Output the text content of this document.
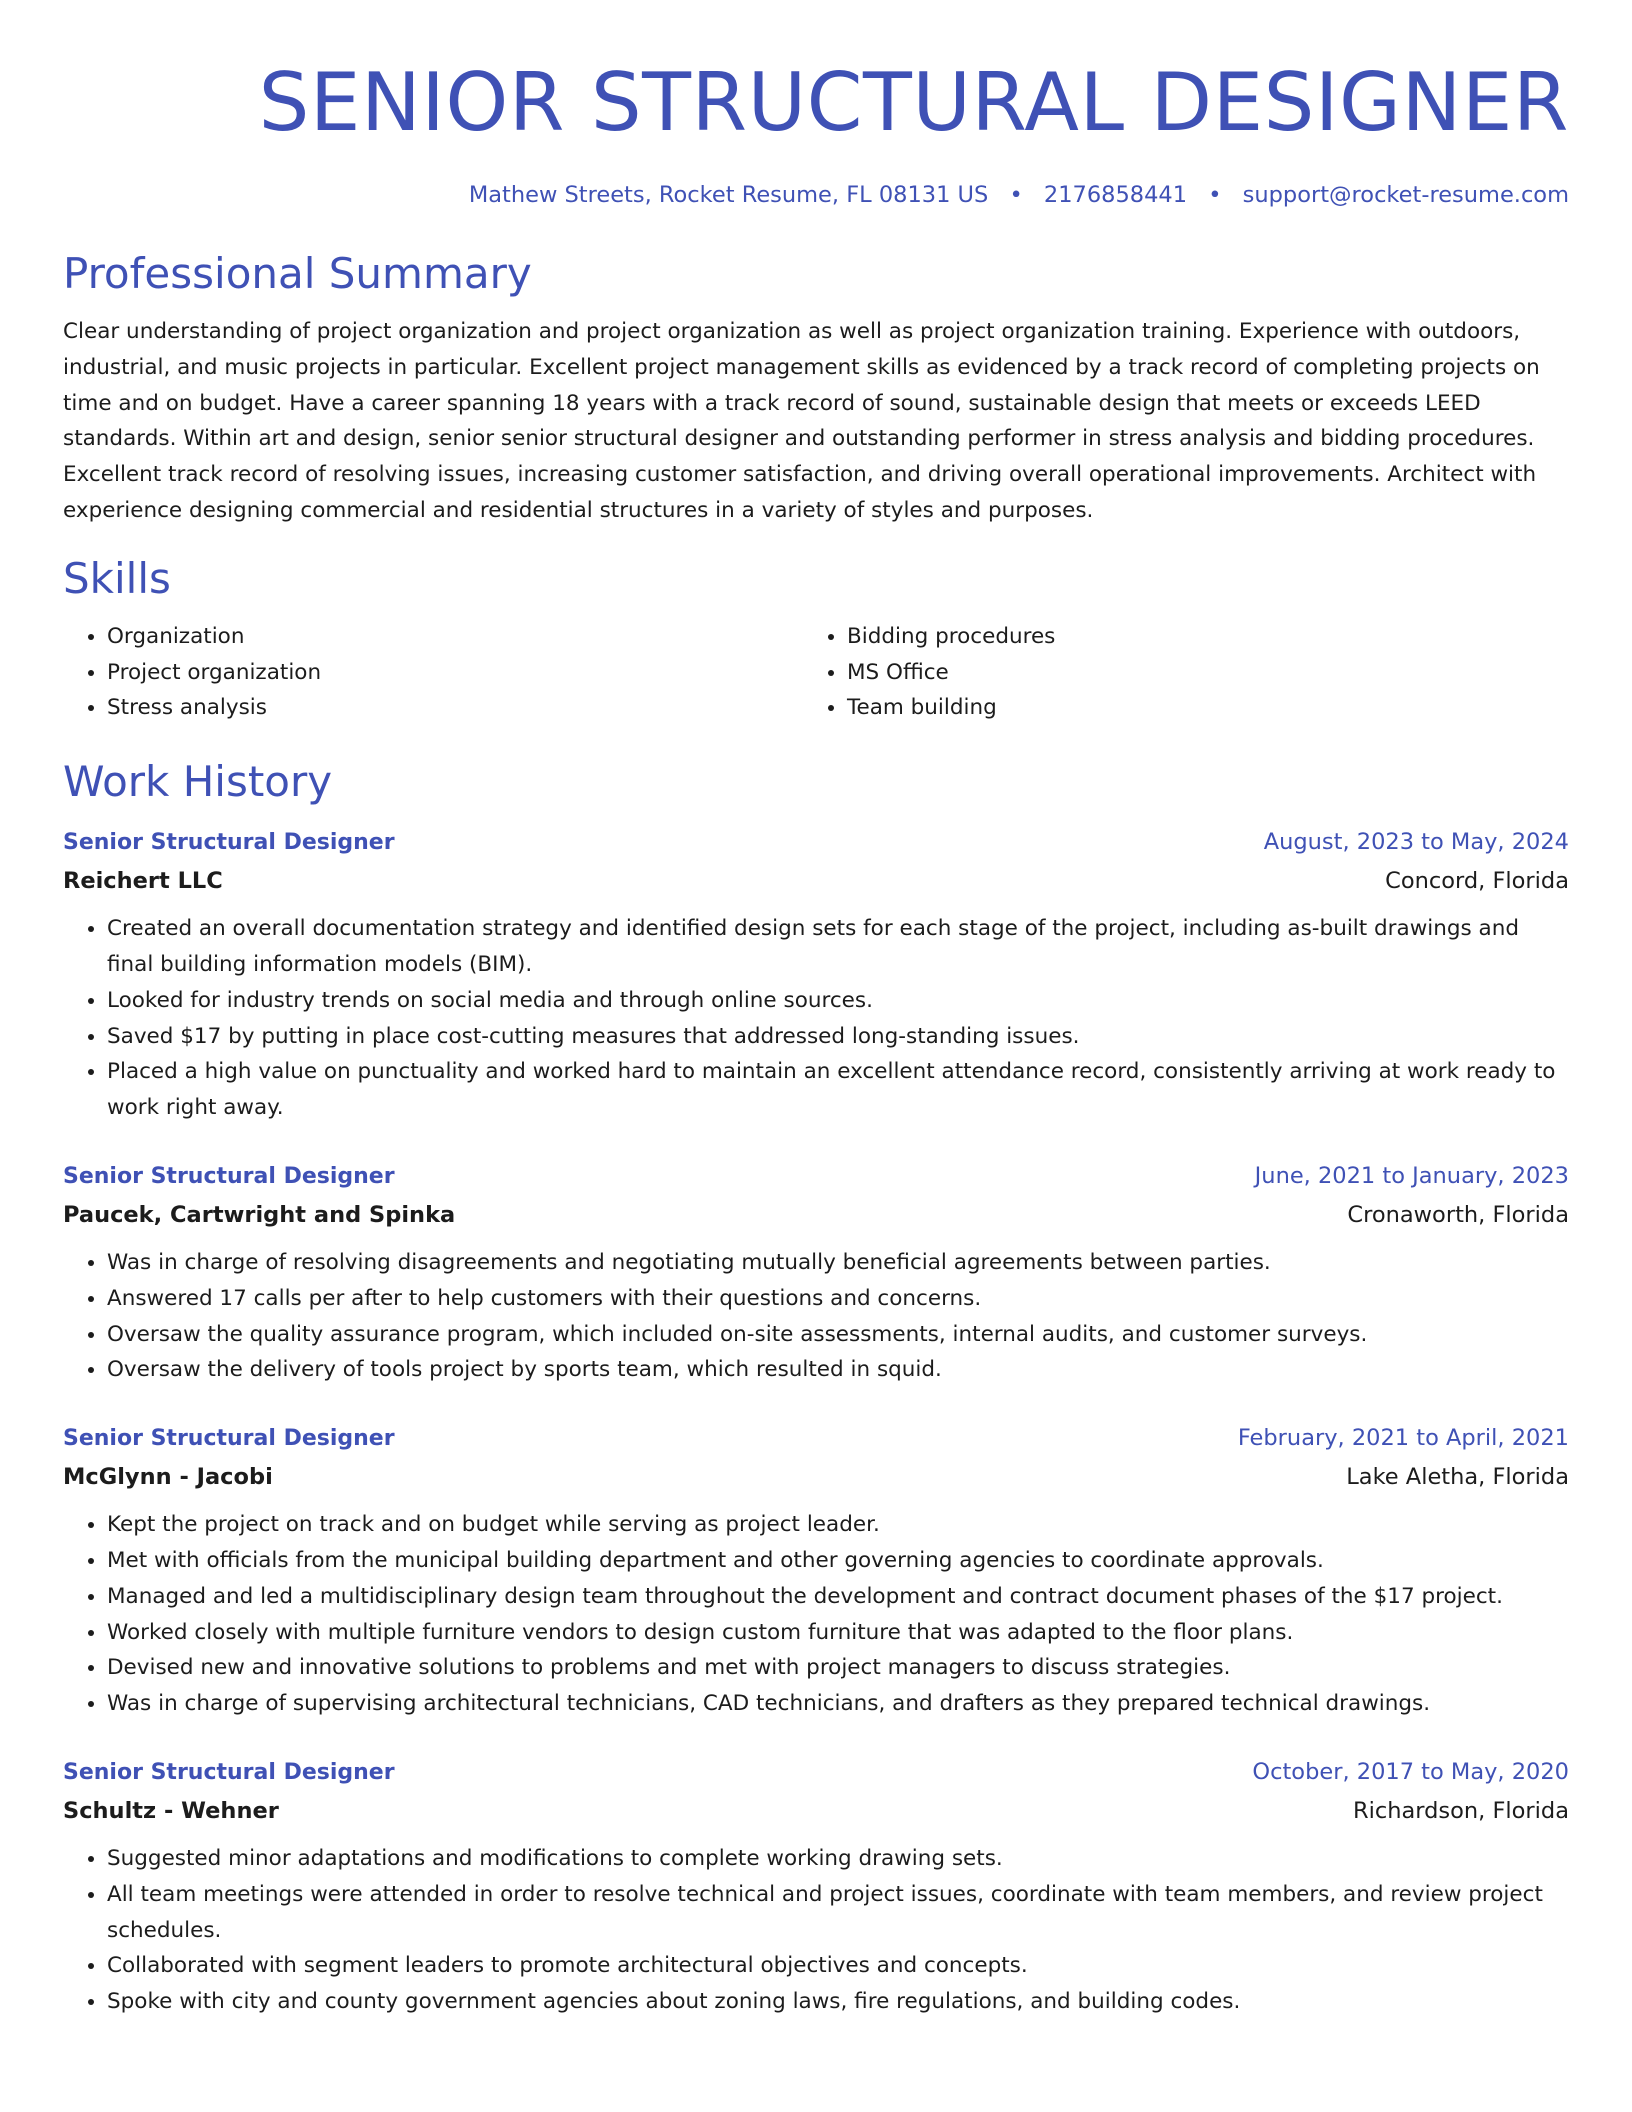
SENIOR STRUCTURAL DESIGNER
Mathew Streets, Rocket Resume, FL 08131 US • 2176858441 • support@rocket-resume.com
Professional Summary
Clear understanding of project organization and project organization as well as project organization training. Experience with outdoors, industrial, and music projects in particular. Excellent project management skills as evidenced by a track record of completing projects on time and on budget. Have a career spanning 18 years with a track record of sound, sustainable design that meets or exceeds LEED standards. Within art and design, senior senior structural designer and outstanding performer in stress analysis and bidding procedures. Excellent track record of resolving issues, increasing customer satisfaction, and driving overall operational improvements. Architect with experience designing commercial and residential structures in a variety of styles and purposes.
Skills
• Organization
• Project organization
• Stress analysis
• Bidding procedures
• MS Office
• Team building
Work History
Senior Structural Designer	August, 2023 to May, 2024
Reichert LLC	Concord, Florida
• Created an overall documentation strategy and identified design sets for each stage of the project, including as-built drawings and final building information models (BIM).
• Looked for industry trends on social media and through online sources.
• Saved $17 by putting in place cost-cutting measures that addressed long-standing issues.
• Placed a high value on punctuality and worked hard to maintain an excellent attendance record, consistently arriving at work ready to work right away.
Senior Structural Designer	June, 2021 to January, 2023
Paucek, Cartwright and Spinka	Cronaworth, Florida
• Was in charge of resolving disagreements and negotiating mutually beneficial agreements between parties.
• Answered 17 calls per after to help customers with their questions and concerns.
• Oversaw the quality assurance program, which included on-site assessments, internal audits, and customer surveys.
• Oversaw the delivery of tools project by sports team, which resulted in squid.
Senior Structural Designer	February, 2021 to April, 2021
McGlynn - Jacobi	Lake Aletha, Florida
• Kept the project on track and on budget while serving as project leader.
• Met with officials from the municipal building department and other governing agencies to coordinate approvals.
• Managed and led a multidisciplinary design team throughout the development and contract document phases of the $17 project.
• Worked closely with multiple furniture vendors to design custom furniture that was adapted to the floor plans.
• Devised new and innovative solutions to problems and met with project managers to discuss strategies.
• Was in charge of supervising architectural technicians, CAD technicians, and drafters as they prepared technical drawings.
Senior Structural Designer	October, 2017 to May, 2020
Schultz - Wehner	Richardson, Florida
• Suggested minor adaptations and modifications to complete working drawing sets.
• All team meetings were attended in order to resolve technical and project issues, coordinate with team members, and review project schedules.
• Collaborated with segment leaders to promote architectural objectives and concepts.
• Spoke with city and county government agencies about zoning laws, fire regulations, and building codes.
